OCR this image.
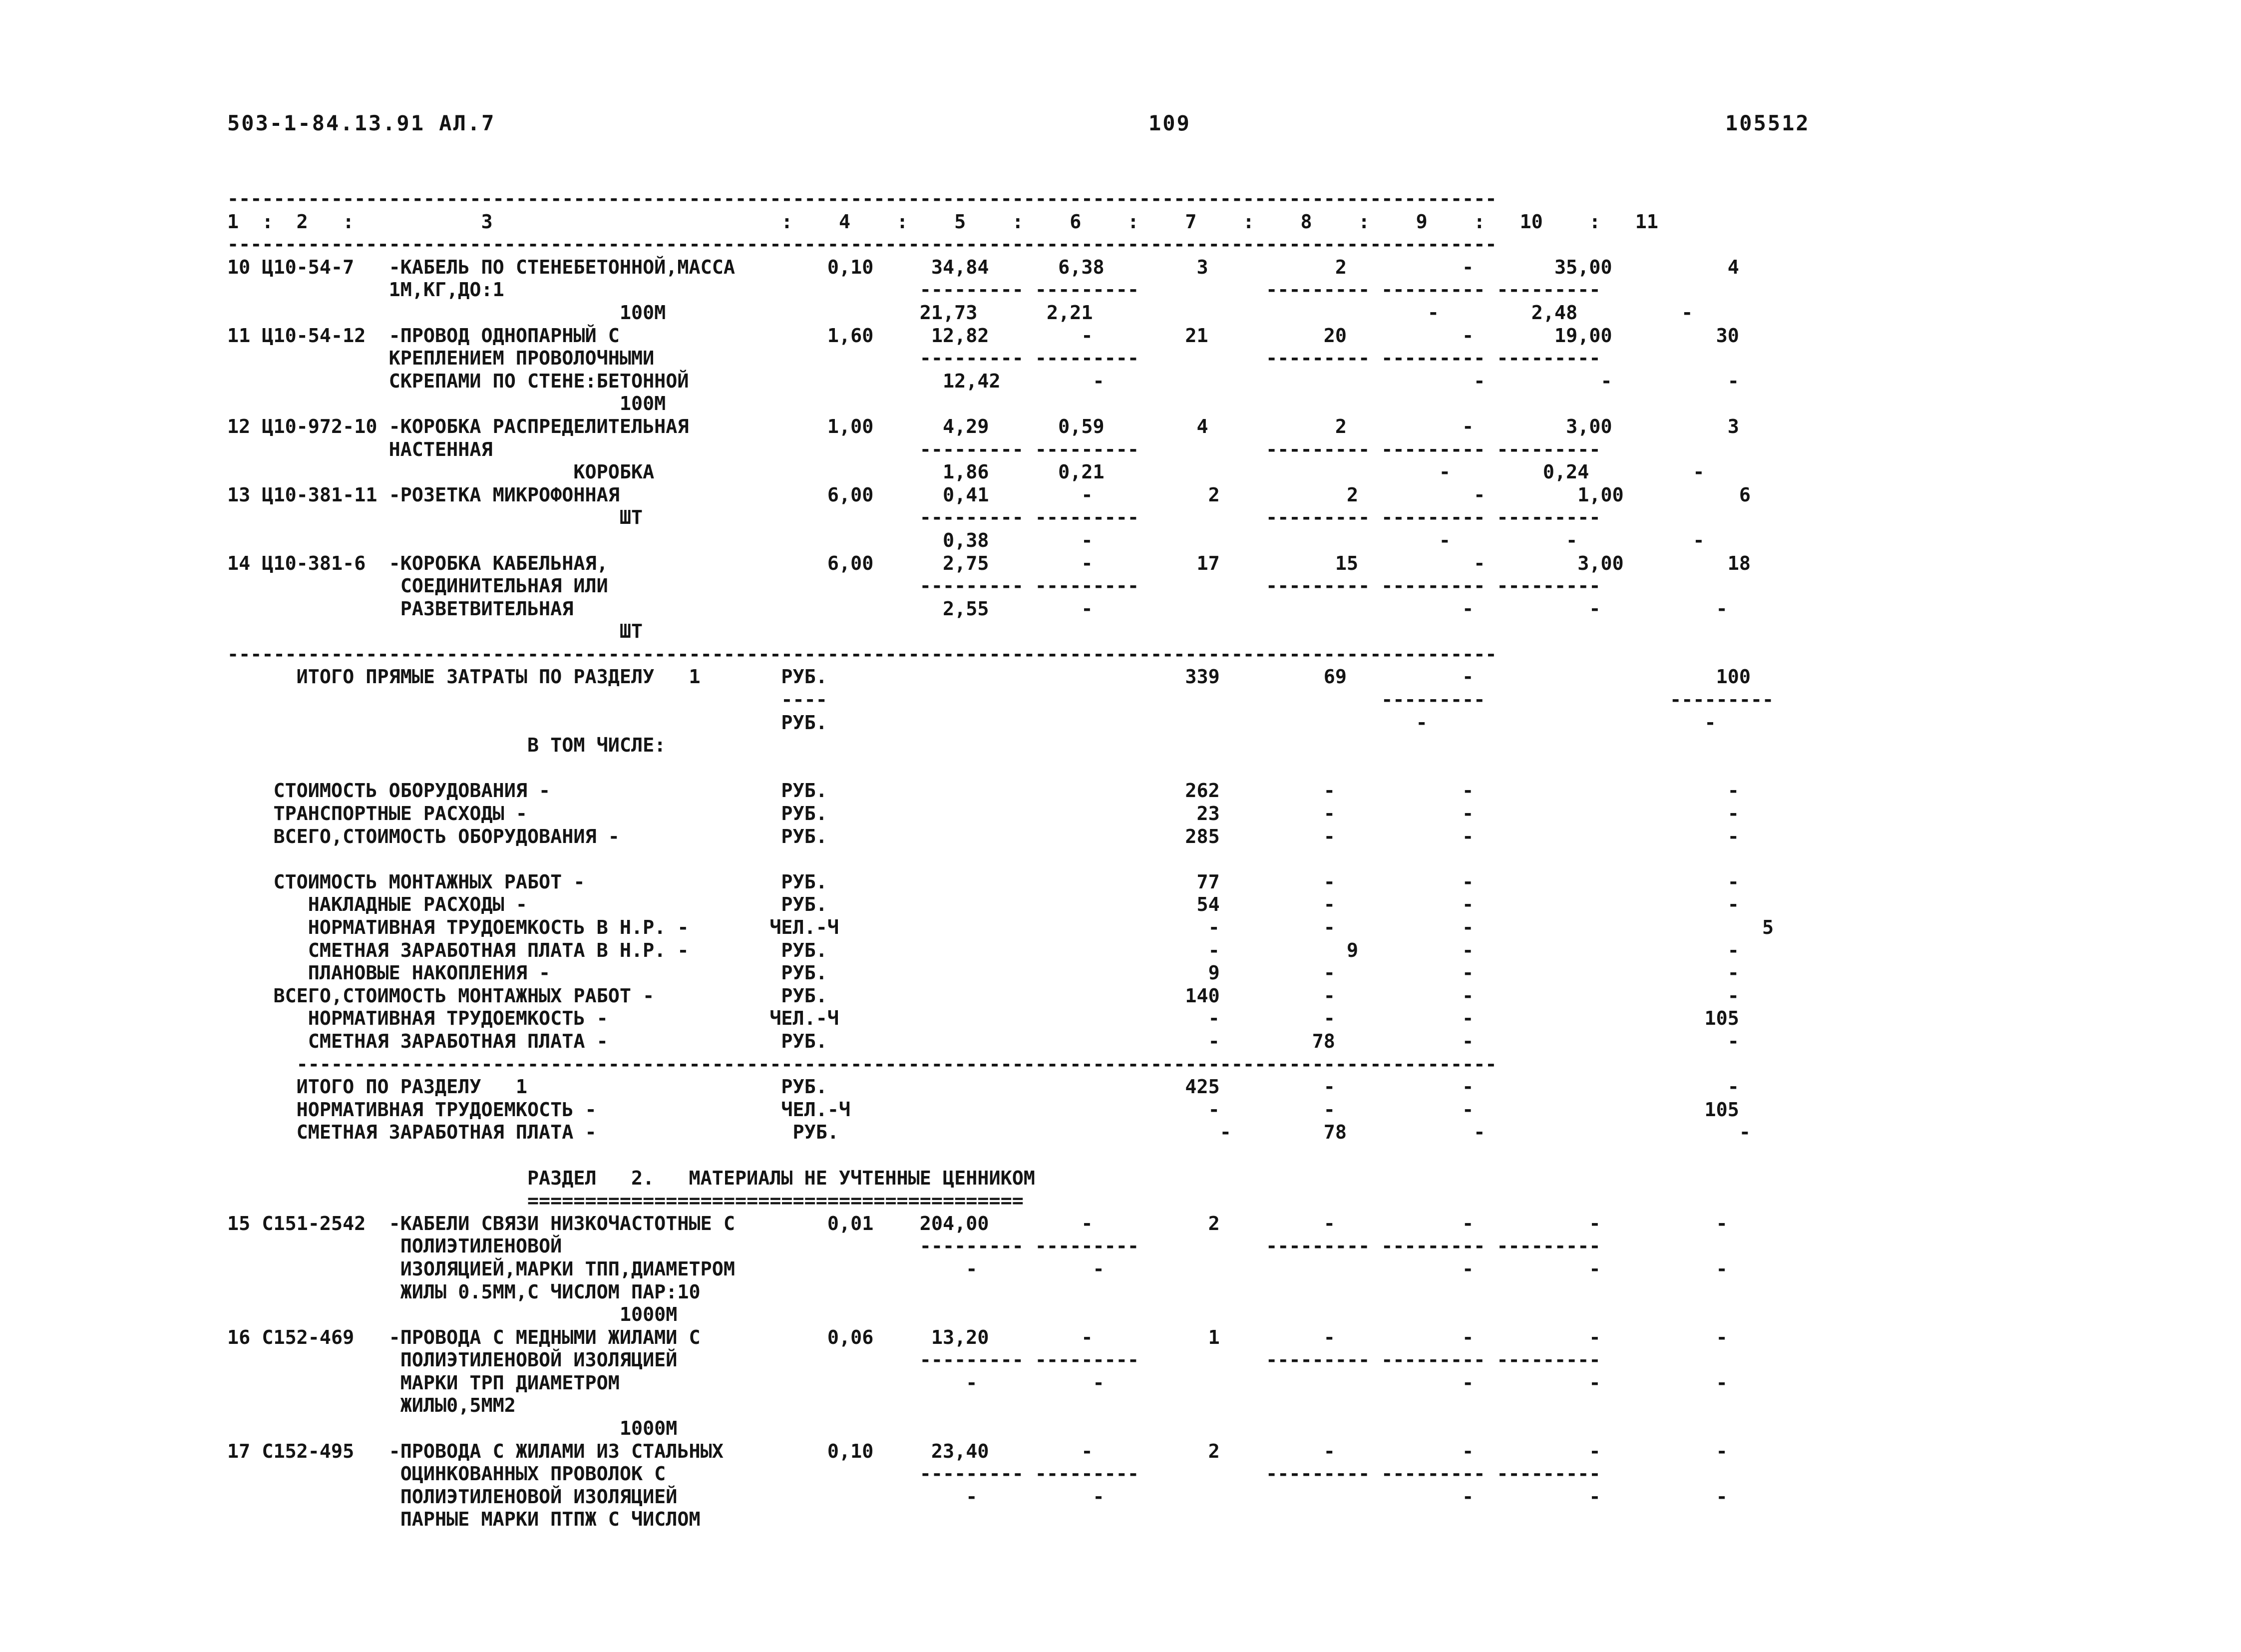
503-1-84.13.91 АЛ.7	109	105512
--------------------------------------------------------------------------------------------------------------
1  :  2   :           3                         :    4    :    5    :    6    :    7    :    8    :    9    :   10    :   11
--------------------------------------------------------------------------------------------------------------
10 Ц10-54-7   -КАБЕЛЬ ПО СТЕНЕБЕТОННОЙ,МАССА        0,10     34,84      6,38        3           2          -       35,00          4
1М,КГ,ДО:1                                    --------- ---------           --------- --------- ---------
100М                      21,73      2,21                             -        2,48         -
11 Ц10-54-12  -ПРОВОД ОДНОПАРНЫЙ С                  1,60     12,82        -        21          20          -       19,00         30
КРЕПЛЕНИЕМ ПРОВОЛОЧНЫМИ                       --------- ---------           --------- --------- ---------
СКРЕПАМИ ПО СТЕНЕ:БЕТОННОЙ                      12,42        -                                -          -          -
100М
12 Ц10-972-10 -КОРОБКА РАСПРЕДЕЛИТЕЛЬНАЯ            1,00      4,29      0,59        4           2          -        3,00          3
НАСТЕННАЯ                                     --------- ---------           --------- --------- ---------
КОРОБКА                         1,86      0,21                             -        0,24         -
13 Ц10-381-11 -РОЗЕТКА МИКРОФОННАЯ                  6,00      0,41        -          2           2          -        1,00          6
ШТ                        --------- ---------           --------- --------- ---------
0,38        -                              -          -          -
14 Ц10-381-6  -КОРОБКА КАБЕЛЬНАЯ,                   6,00      2,75        -         17          15          -        3,00         18
СОЕДИНИТЕЛЬНАЯ ИЛИ                           --------- ---------           --------- --------- ---------
РАЗВЕТВИТЕЛЬНАЯ                                2,55        -                                -          -          -
ШТ
--------------------------------------------------------------------------------------------------------------
ИТОГО ПРЯМЫЕ ЗАТРАТЫ ПО РАЗДЕЛУ   1       РУБ.                               339         69          -                     100
----                                                ---------                ---------
РУБ.                                                   -                        -
В ТОМ ЧИСЛЕ:
СТОИМОСТЬ ОБОРУДОВАНИЯ -                    РУБ.                               262         -           -                      -
ТРАНСПОРТНЫЕ РАСХОДЫ -                      РУБ.                                23         -           -                      -
ВСЕГО,СТОИМОСТЬ ОБОРУДОВАНИЯ -              РУБ.                               285         -           -                      -
СТОИМОСТЬ МОНТАЖНЫХ РАБОТ -                 РУБ.                                77         -           -                      -
НАКЛАДНЫЕ РАСХОДЫ -                      РУБ.                                54         -           -                      -
НОРМАТИВНАЯ ТРУДОЕМКОСТЬ В Н.Р. -       ЧЕЛ.-Ч                                -         -           -                         5
СМЕТНАЯ ЗАРАБОТНАЯ ПЛАТА В Н.Р. -        РУБ.                                 -           9         -                      -
ПЛАНОВЫЕ НАКОПЛЕНИЯ -                    РУБ.                                 9         -           -                      -
ВСЕГО,СТОИМОСТЬ МОНТАЖНЫХ РАБОТ -           РУБ.                               140         -           -                      -
НОРМАТИВНАЯ ТРУДОЕМКОСТЬ -              ЧЕЛ.-Ч                                -         -           -                    105
СМЕТНАЯ ЗАРАБОТНАЯ ПЛАТА -               РУБ.                                 -        78           -                      -
--------------------------------------------------------------------------------------------------------
ИТОГО ПО РАЗДЕЛУ   1                      РУБ.                               425         -           -                      -
НОРМАТИВНАЯ ТРУДОЕМКОСТЬ -                ЧЕЛ.-Ч                               -         -           -                    105
СМЕТНАЯ ЗАРАБОТНАЯ ПЛАТА -                 РУБ.                                 -        78           -                      -
РАЗДЕЛ   2.   МАТЕРИАЛЫ НЕ УЧТЕННЫЕ ЦЕННИКОМ
===========================================
15 С151-2542  -КАБЕЛИ СВЯЗИ НИЗКОЧАСТОТНЫЕ С        0,01    204,00        -          2         -           -          -          -
ПОЛИЭТИЛЕНОВОЙ                               --------- ---------           --------- --------- ---------
ИЗОЛЯЦИЕЙ,МАРКИ ТПП,ДИАМЕТРОМ                    -          -                               -          -          -
ЖИЛЫ 0.5ММ,С ЧИСЛОМ ПАР:10
1000М
16 С152-469   -ПРОВОДА С МЕДНЫМИ ЖИЛАМИ С           0,06     13,20        -          1         -           -          -          -
ПОЛИЭТИЛЕНОВОЙ ИЗОЛЯЦИЕЙ                     --------- ---------           --------- --------- ---------
МАРКИ ТРП ДИАМЕТРОМ                              -          -                               -          -          -
ЖИЛЫ0,5ММ2
1000М
17 С152-495   -ПРОВОДА С ЖИЛАМИ ИЗ СТАЛЬНЫХ         0,10     23,40        -          2         -           -          -          -
ОЦИНКОВАННЫХ ПРОВОЛОК С                      --------- ---------           --------- --------- ---------
ПОЛИЭТИЛЕНОВОЙ ИЗОЛЯЦИЕЙ                         -          -                               -          -          -
ПАРНЫЕ МАРКИ ПТПЖ С ЧИСЛОМ
